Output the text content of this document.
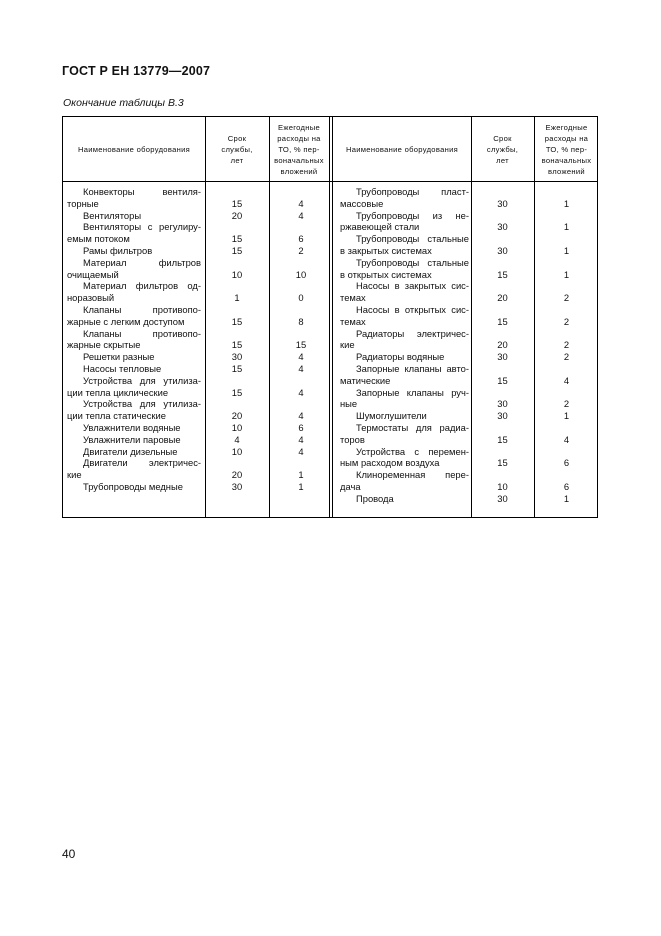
ГОСТ Р ЕН 13779—2007
Окончание таблицы В.3
Наименование оборудования
Срок
службы,
лет
Ежегодные
расходы на
ТО, % пер-
воначальных
вложений
Наименование оборудования
Срок
службы,
лет
Ежегодные
расходы на
ТО, % пер-
воначальных
вложений
Конвекторы вентиля-
торные	15	4
Вентиляторы	20	4
Вентиляторы с регулиру-
емым потоком	15	6
Рамы фильтров	15	2
Материал фильтров
очищаемый	10	10
Материал фильтров од-
норазовый	1	0
Клапаны противопо-
жарные с легким доступом	15	8
Клапаны противопо-
жарные скрытые	15	15
Решетки разные	30	4
Насосы тепловые	15	4
Устройства для утилиза-
ции тепла циклические	15	4
Устройства для утилиза-
ции тепла статические	20	4
Увлажнители водяные	10	6
Увлажнители паровые	4	4
Двигатели дизельные	10	4
Двигатели электричес-
кие	20	1
Трубопроводы медные	30	1
Трубопроводы пласт-
массовые	30	1
Трубопроводы из не-
ржавеющей стали	30	1
Трубопроводы стальные
в закрытых системах	30	1
Трубопроводы стальные
в открытых системах	15	1
Насосы в закрытых сис-
темах	20	2
Насосы в открытых сис-
темах	15	2
Радиаторы электричес-
кие	20	2
Радиаторы водяные	30	2
Запорные клапаны авто-
матические	15	4
Запорные клапаны руч-
ные	30	2
Шумоглушители	30	1
Термостаты для радиа-
торов	15	4
Устройства с перемен-
ным расходом воздуха	15	6
Клиноременная пере-
дача	10	6
Провода	30	1
40
